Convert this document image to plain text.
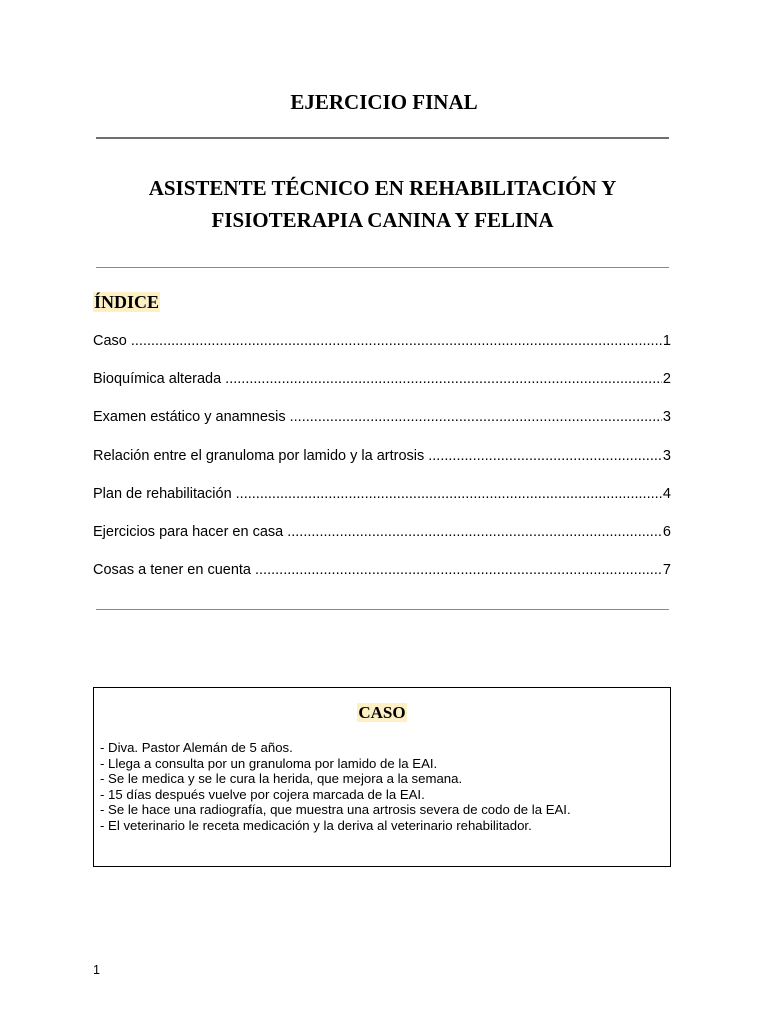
EJERCICIO FINAL
ASISTENTE TÉCNICO EN REHABILITACIÓN Y
FISIOTERAPIA CANINA Y FELINA
ÍNDICE
Caso .....	1
Bioquímica alterada .....	2
Examen estático y anamnesis .....	3
Relación entre el granuloma por lamido y la artrosis .....	3
Plan de rehabilitación .....	4
Ejercicios para hacer en casa .....	6
Cosas a tener en cuenta .....	7
CASO
- Diva. Pastor Alemán de 5 años.
- Llega a consulta por un granuloma por lamido de la EAI.
- Se le medica y se le cura la herida, que mejora a la semana.
- 15 días después vuelve por cojera marcada de la EAI.
- Se le hace una radiografía, que muestra una artrosis severa de codo de la EAI.
- El veterinario le receta medicación y la deriva al veterinario rehabilitador.
1
